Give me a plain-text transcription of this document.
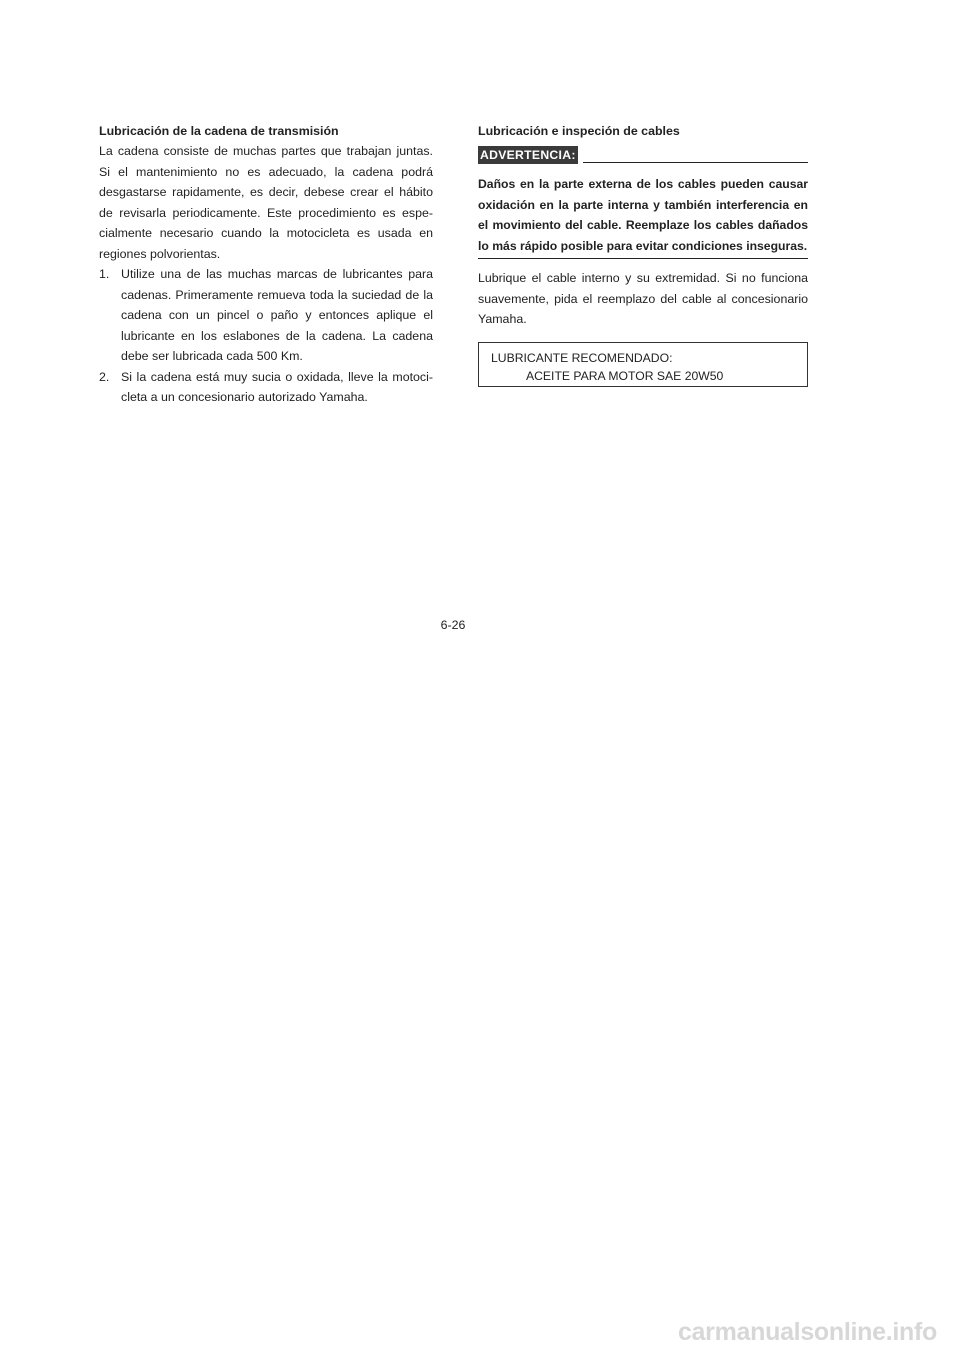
Lubricación de la cadena de transmisión

La cadena consiste de muchas partes que trabajan juntas. Si el mantenimiento no es adecuado, la cadena podrá desgastarse rapidamente, es decir, debese crear el hábito de revisarla periodicamente. Este procedimiento es espe-cialmente necesario cuando la motocicleta es usada en regiones polvorientas.

1. Utilize una de las muchas marcas de lubricantes para cadenas. Primeramente remueva toda la suciedad de la cadena con un pincel o paño y entonces aplique el lubricante en los eslabones de la cadena. La cadena debe ser lubricada cada 500 Km.
2. Si la cadena está muy sucia o oxidada, lleve la motoci-cleta a un concesionario autorizado Yamaha.

Lubricación e inspeción de cables

ADVERTENCIA:

Daños en la parte externa de los cables pueden causar oxidación en la parte interna y también interferencia en el movimiento del cable. Reemplaze los cables dañados lo más rápido posible para evitar condiciones inseguras.

Lubrique el cable interno y su extremidad. Si no funciona suavemente, pida el reemplazo del cable al concesionario Yamaha.

LUBRICANTE RECOMENDADO:
ACEITE PARA MOTOR SAE 20W50
6-26
carmanualsonline.info
